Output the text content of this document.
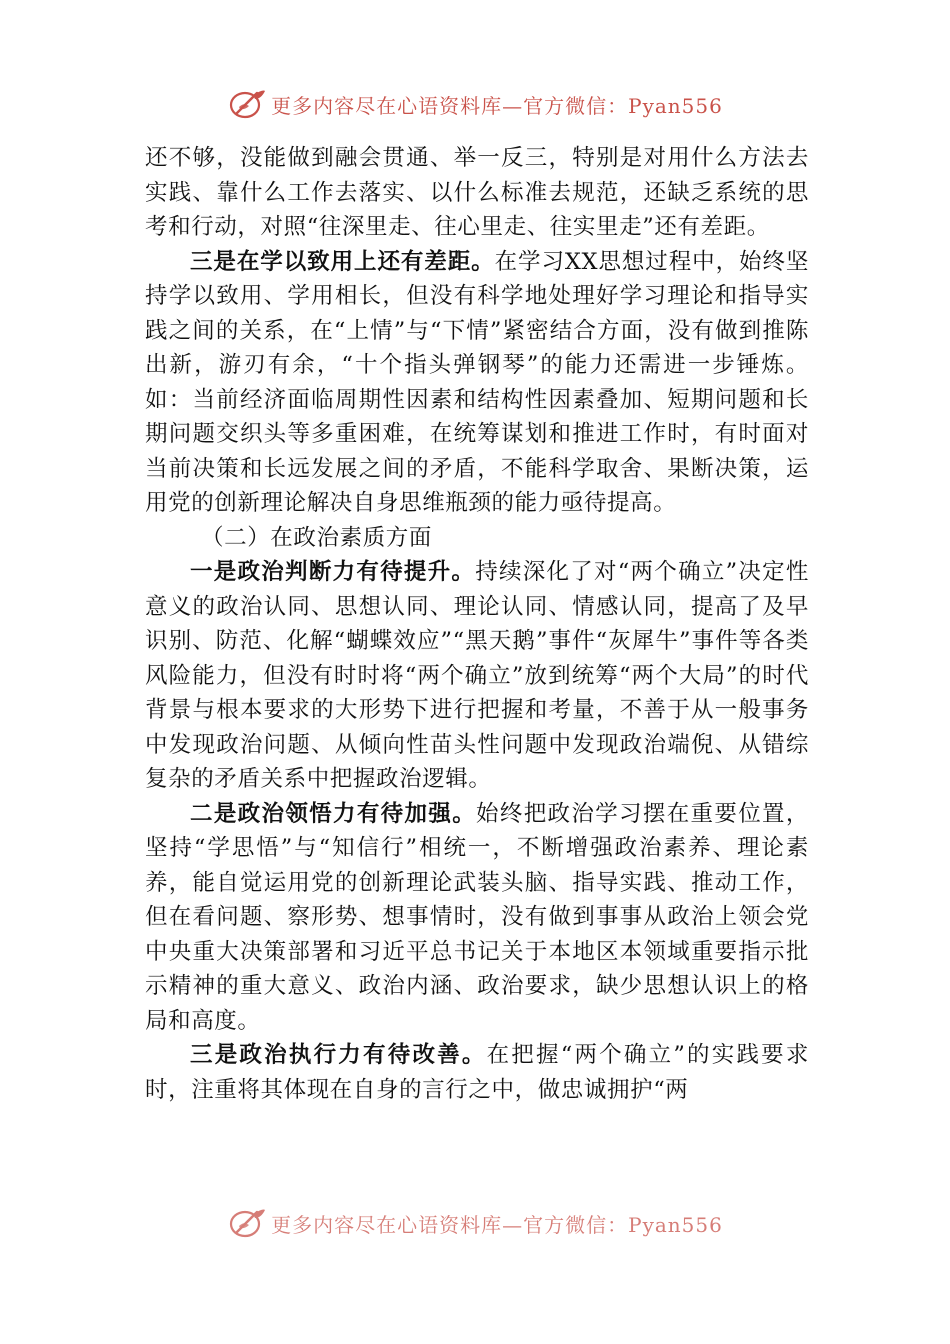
更多内容尽在心语资料库—官方微信：Pyan556

还不够，没能做到融会贯通、举一反三，特别是对用什么方法去实践、靠什么工作去落实、以什么标准去规范，还缺乏系统的思考和行动，对照“往深里走、往心里走、往实里走”还有差距。

三是在学以致用上还有差距。在学习XX思想过程中，始终坚持学以致用、学用相长，但没有科学地处理好学习理论和指导实践之间的关系，在“上情”与“下情”紧密结合方面，没有做到推陈出新，游刃有余，“十个指头弹钢琴”的能力还需进一步锤炼。如：当前经济面临周期性因素和结构性因素叠加、短期问题和长期问题交织头等多重困难，在统筹谋划和推进工作时，有时面对当前决策和长远发展之间的矛盾，不能科学取舍、果断决策，运用党的创新理论解决自身思维瓶颈的能力亟待提高。

（二）在政治素质方面

一是政治判断力有待提升。持续深化了对“两个确立”决定性意义的政治认同、思想认同、理论认同、情感认同，提高了及早识别、防范、化解“蝴蝶效应”“黑天鹅”事件“灰犀牛”事件等各类风险能力，但没有时时将“两个确立”放到统筹“两个大局”的时代背景与根本要求的大形势下进行把握和考量，不善于从一般事务中发现政治问题、从倾向性苗头性问题中发现政治端倪、从错综复杂的矛盾关系中把握政治逻辑。

二是政治领悟力有待加强。始终把政治学习摆在重要位置，坚持“学思悟”与“知信行”相统一，不断增强政治素养、理论素养，能自觉运用党的创新理论武装头脑、指导实践、推动工作，但在看问题、察形势、想事情时，没有做到事事从政治上领会党中央重大决策部署和习近平总书记关于本地区本领域重要指示批示精神的重大意义、政治内涵、政治要求，缺少思想认识上的格局和高度。

三是政治执行力有待改善。在把握“两个确立”的实践要求时，注重将其体现在自身的言行之中，做忠诚拥护“两

更多内容尽在心语资料库—官方微信：Pyan556
